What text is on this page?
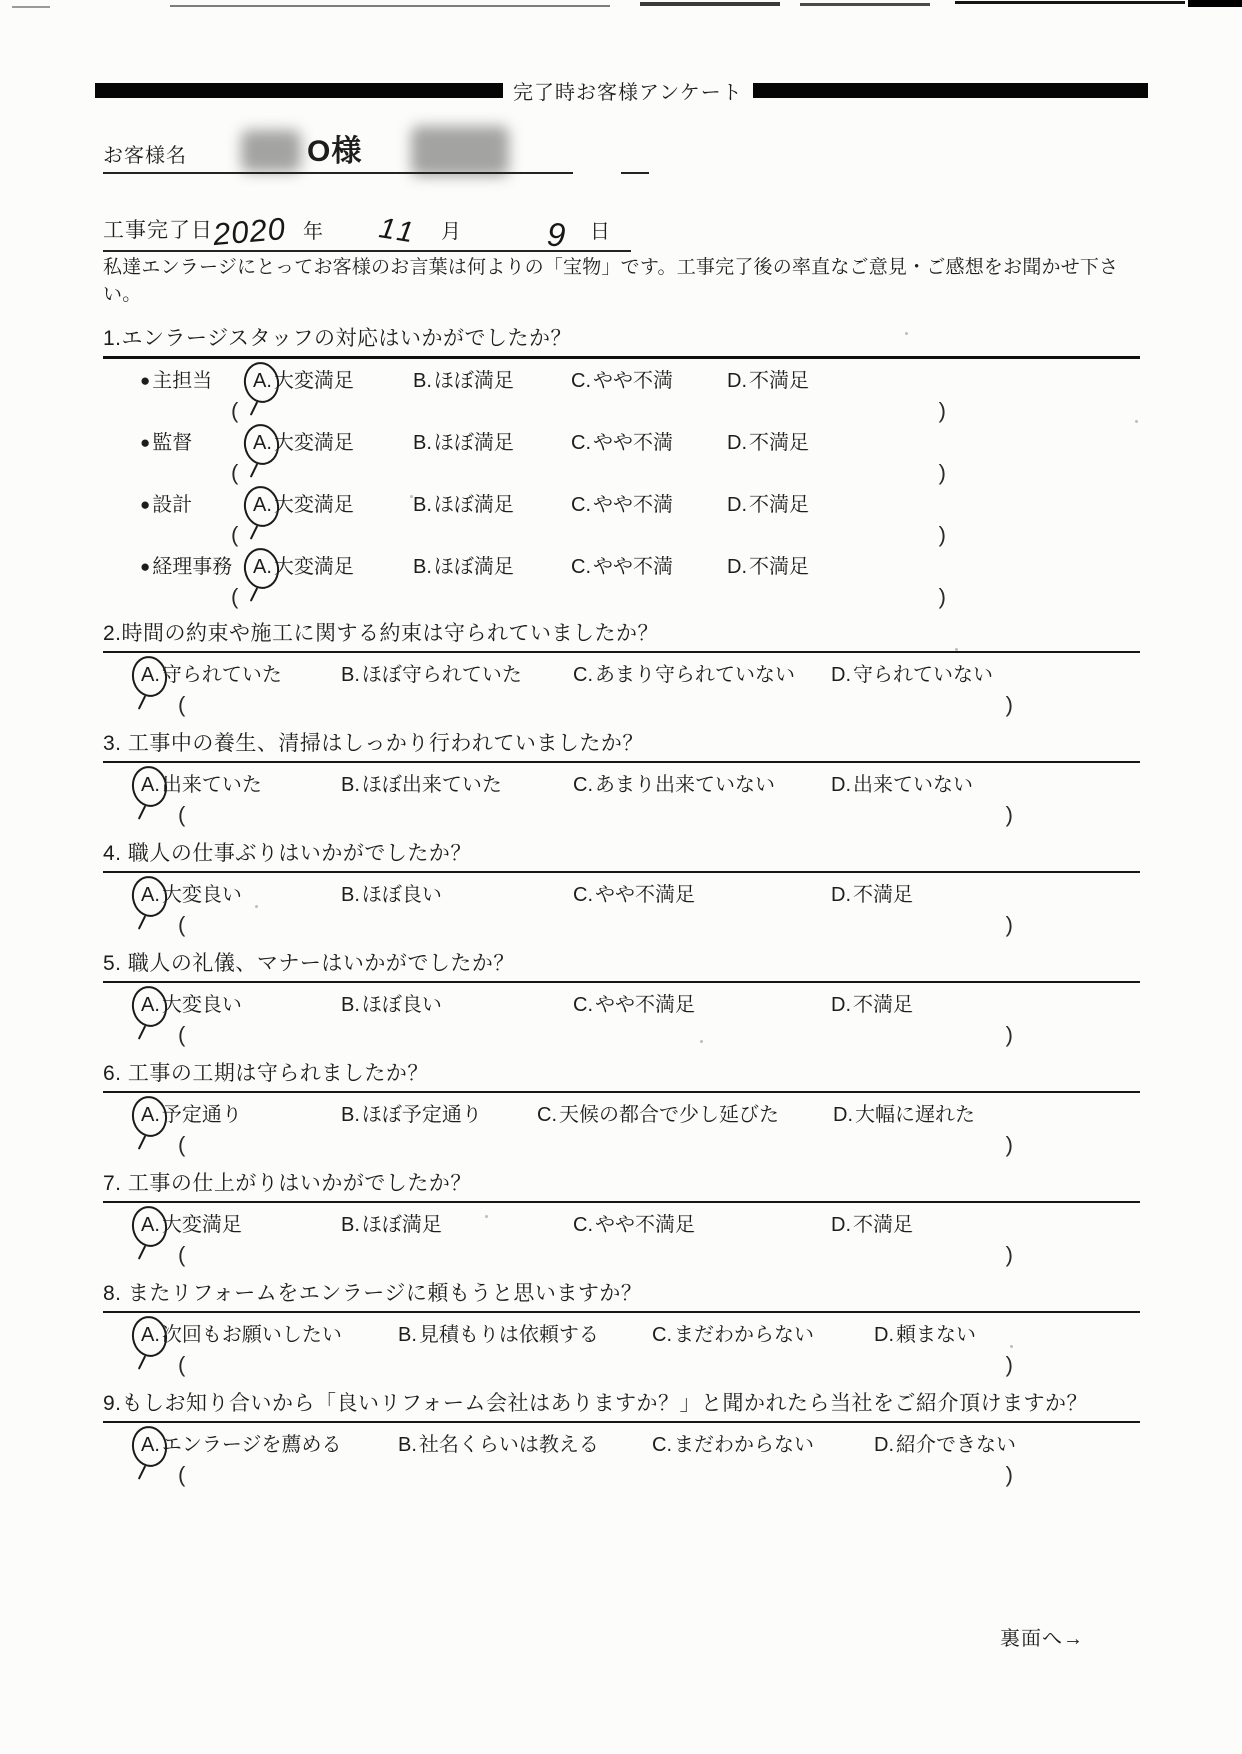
完了時お客様アンケート
お客様名	O様
工事完了日
2020 年 11 月	9 日

私達エンラージにとってお客様のお言葉は何よりの「宝物」です。工事完了後の率直なご意見・ご感想をお聞かせ下さい。

1.エンラージスタッフの対応はいかがでしたか？
● 主担当	A. 大変満足	B. ほぼ満足	C. やや不満	D. 不満足
(	)
● 監督	A. 大変満足	B. ほぼ満足	C. やや不満	D. 不満足
(	)
● 設計	A. 大変満足	B. ほぼ満足	C. やや不満	D. 不満足
(	)
● 経理事務	A. 大変満足	B. ほぼ満足	C. やや不満	D. 不満足
(	)
2.時間の約束や施工に関する約束は守られていましたか？
A. 守られていた	B. ほぼ守られていた	C. あまり守られていない	D. 守られていない
(	)
3. 工事中の養生、清掃はしっかり行われていましたか？
A. 出来ていた	B. ほぼ出来ていた	C. あまり出来ていない	D. 出来ていない
(	)
4. 職人の仕事ぶりはいかがでしたか？
A. 大変良い	B. ほぼ良い	C. やや不満足	D. 不満足
(	)
5. 職人の礼儀、マナーはいかがでしたか？
A. 大変良い	B. ほぼ良い	C. やや不満足	D. 不満足
(	)
6. 工事の工期は守られましたか？
A. 予定通り	B. ほぼ予定通り	C. 天候の都合で少し延びた	D. 大幅に遅れた
(	)
7. 工事の仕上がりはいかがでしたか？
A. 大変満足	B. ほぼ満足	C. やや不満足	D. 不満足
(	)
8. またリフォームをエンラージに頼もうと思いますか？
A. 次回もお願いしたい	B. 見積もりは依頼する	C. まだわからない	D. 頼まない
(	)
9.もしお知り合いから「良いリフォーム会社はありますか？」と聞かれたら当社をご紹介頂けますか？
A. エンラージを薦める	B. 社名くらいは教える	C. まだわからない	D. 紹介できない
(	)
裏面へ→
